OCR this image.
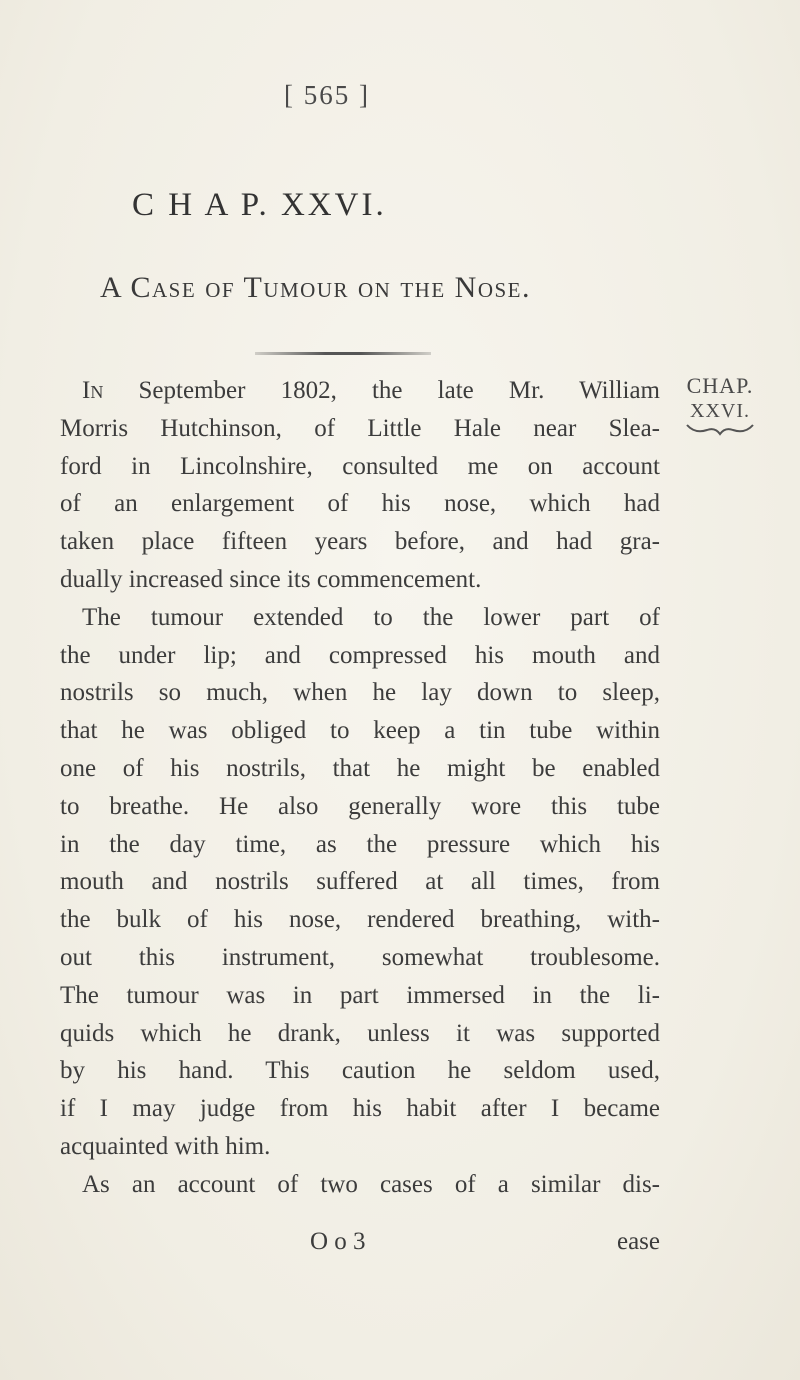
[ 565 ]
C H A P. XXVI.
A Case of Tumour on the Nose.
CHAP.
XXVI.
In September 1802, the late Mr. William
Morris Hutchinson, of Little Hale near Slea-
ford in Lincolnshire, consulted me on account
of an enlargement of his nose, which had
taken place fifteen years before, and had gra-
dually increased since its commencement.
The tumour extended to the lower part of
the under lip; and compressed his mouth and
nostrils so much, when he lay down to sleep,
that he was obliged to keep a tin tube within
one of his nostrils, that he might be enabled
to breathe. He also generally wore this tube
in the day time, as the pressure which his
mouth and nostrils suffered at all times, from
the bulk of his nose, rendered breathing, with-
out this instrument, somewhat troublesome.
The tumour was in part immersed in the li-
quids which he drank, unless it was supported
by his hand. This caution he seldom used,
if I may judge from his habit after I became
acquainted with him.
As an account of two cases of a similar dis-
O o 3	ease
